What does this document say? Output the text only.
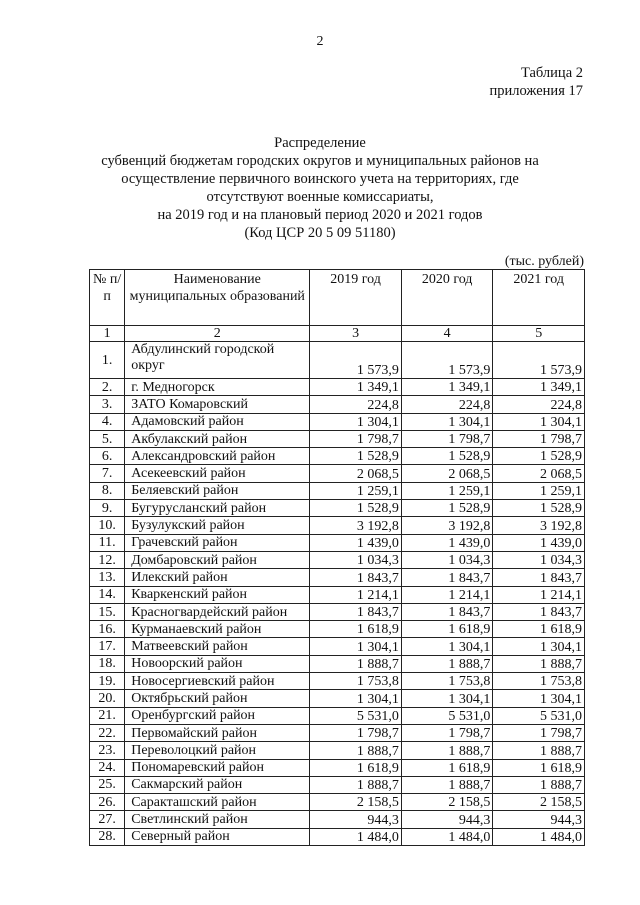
2
Таблица 2
приложения 17
Распределение
субвенций бюджетам городских округов и муниципальных районов на
осуществление первичного воинского учета на территориях, где
отсутствуют военные комиссариаты,
на 2019 год и на плановый период 2020 и 2021 годов
(Код ЦСР 20 5 09 51180)
(тыс. рублей)
№ п/п	Наименование муниципальных образований	2019 год	2020 год	2021 год
1	2	3	4	5
1.	Абдулинский городской округ	1 573,9	1 573,9	1 573,9
2.	г. Медногорск	1 349,1	1 349,1	1 349,1
3.	ЗАТО Комаровский	224,8	224,8	224,8
4.	Адамовский район	1 304,1	1 304,1	1 304,1
5.	Акбулакский район	1 798,7	1 798,7	1 798,7
6.	Александровский район	1 528,9	1 528,9	1 528,9
7.	Асекеевский район	2 068,5	2 068,5	2 068,5
8.	Беляевский район	1 259,1	1 259,1	1 259,1
9.	Бугурусланский район	1 528,9	1 528,9	1 528,9
10.	Бузулукский район	3 192,8	3 192,8	3 192,8
11.	Грачевский район	1 439,0	1 439,0	1 439,0
12.	Домбаровский район	1 034,3	1 034,3	1 034,3
13.	Илекский район	1 843,7	1 843,7	1 843,7
14.	Кваркенский район	1 214,1	1 214,1	1 214,1
15.	Красногвардейский район	1 843,7	1 843,7	1 843,7
16.	Курманаевский район	1 618,9	1 618,9	1 618,9
17.	Матвеевский район	1 304,1	1 304,1	1 304,1
18.	Новоорский район	1 888,7	1 888,7	1 888,7
19.	Новосергиевский район	1 753,8	1 753,8	1 753,8
20.	Октябрьский район	1 304,1	1 304,1	1 304,1
21.	Оренбургский район	5 531,0	5 531,0	5 531,0
22.	Первомайский район	1 798,7	1 798,7	1 798,7
23.	Переволоцкий район	1 888,7	1 888,7	1 888,7
24.	Пономаревский район	1 618,9	1 618,9	1 618,9
25.	Сакмарский район	1 888,7	1 888,7	1 888,7
26.	Саракташский район	2 158,5	2 158,5	2 158,5
27.	Светлинский район	944,3	944,3	944,3
28.	Северный район	1 484,0	1 484,0	1 484,0
